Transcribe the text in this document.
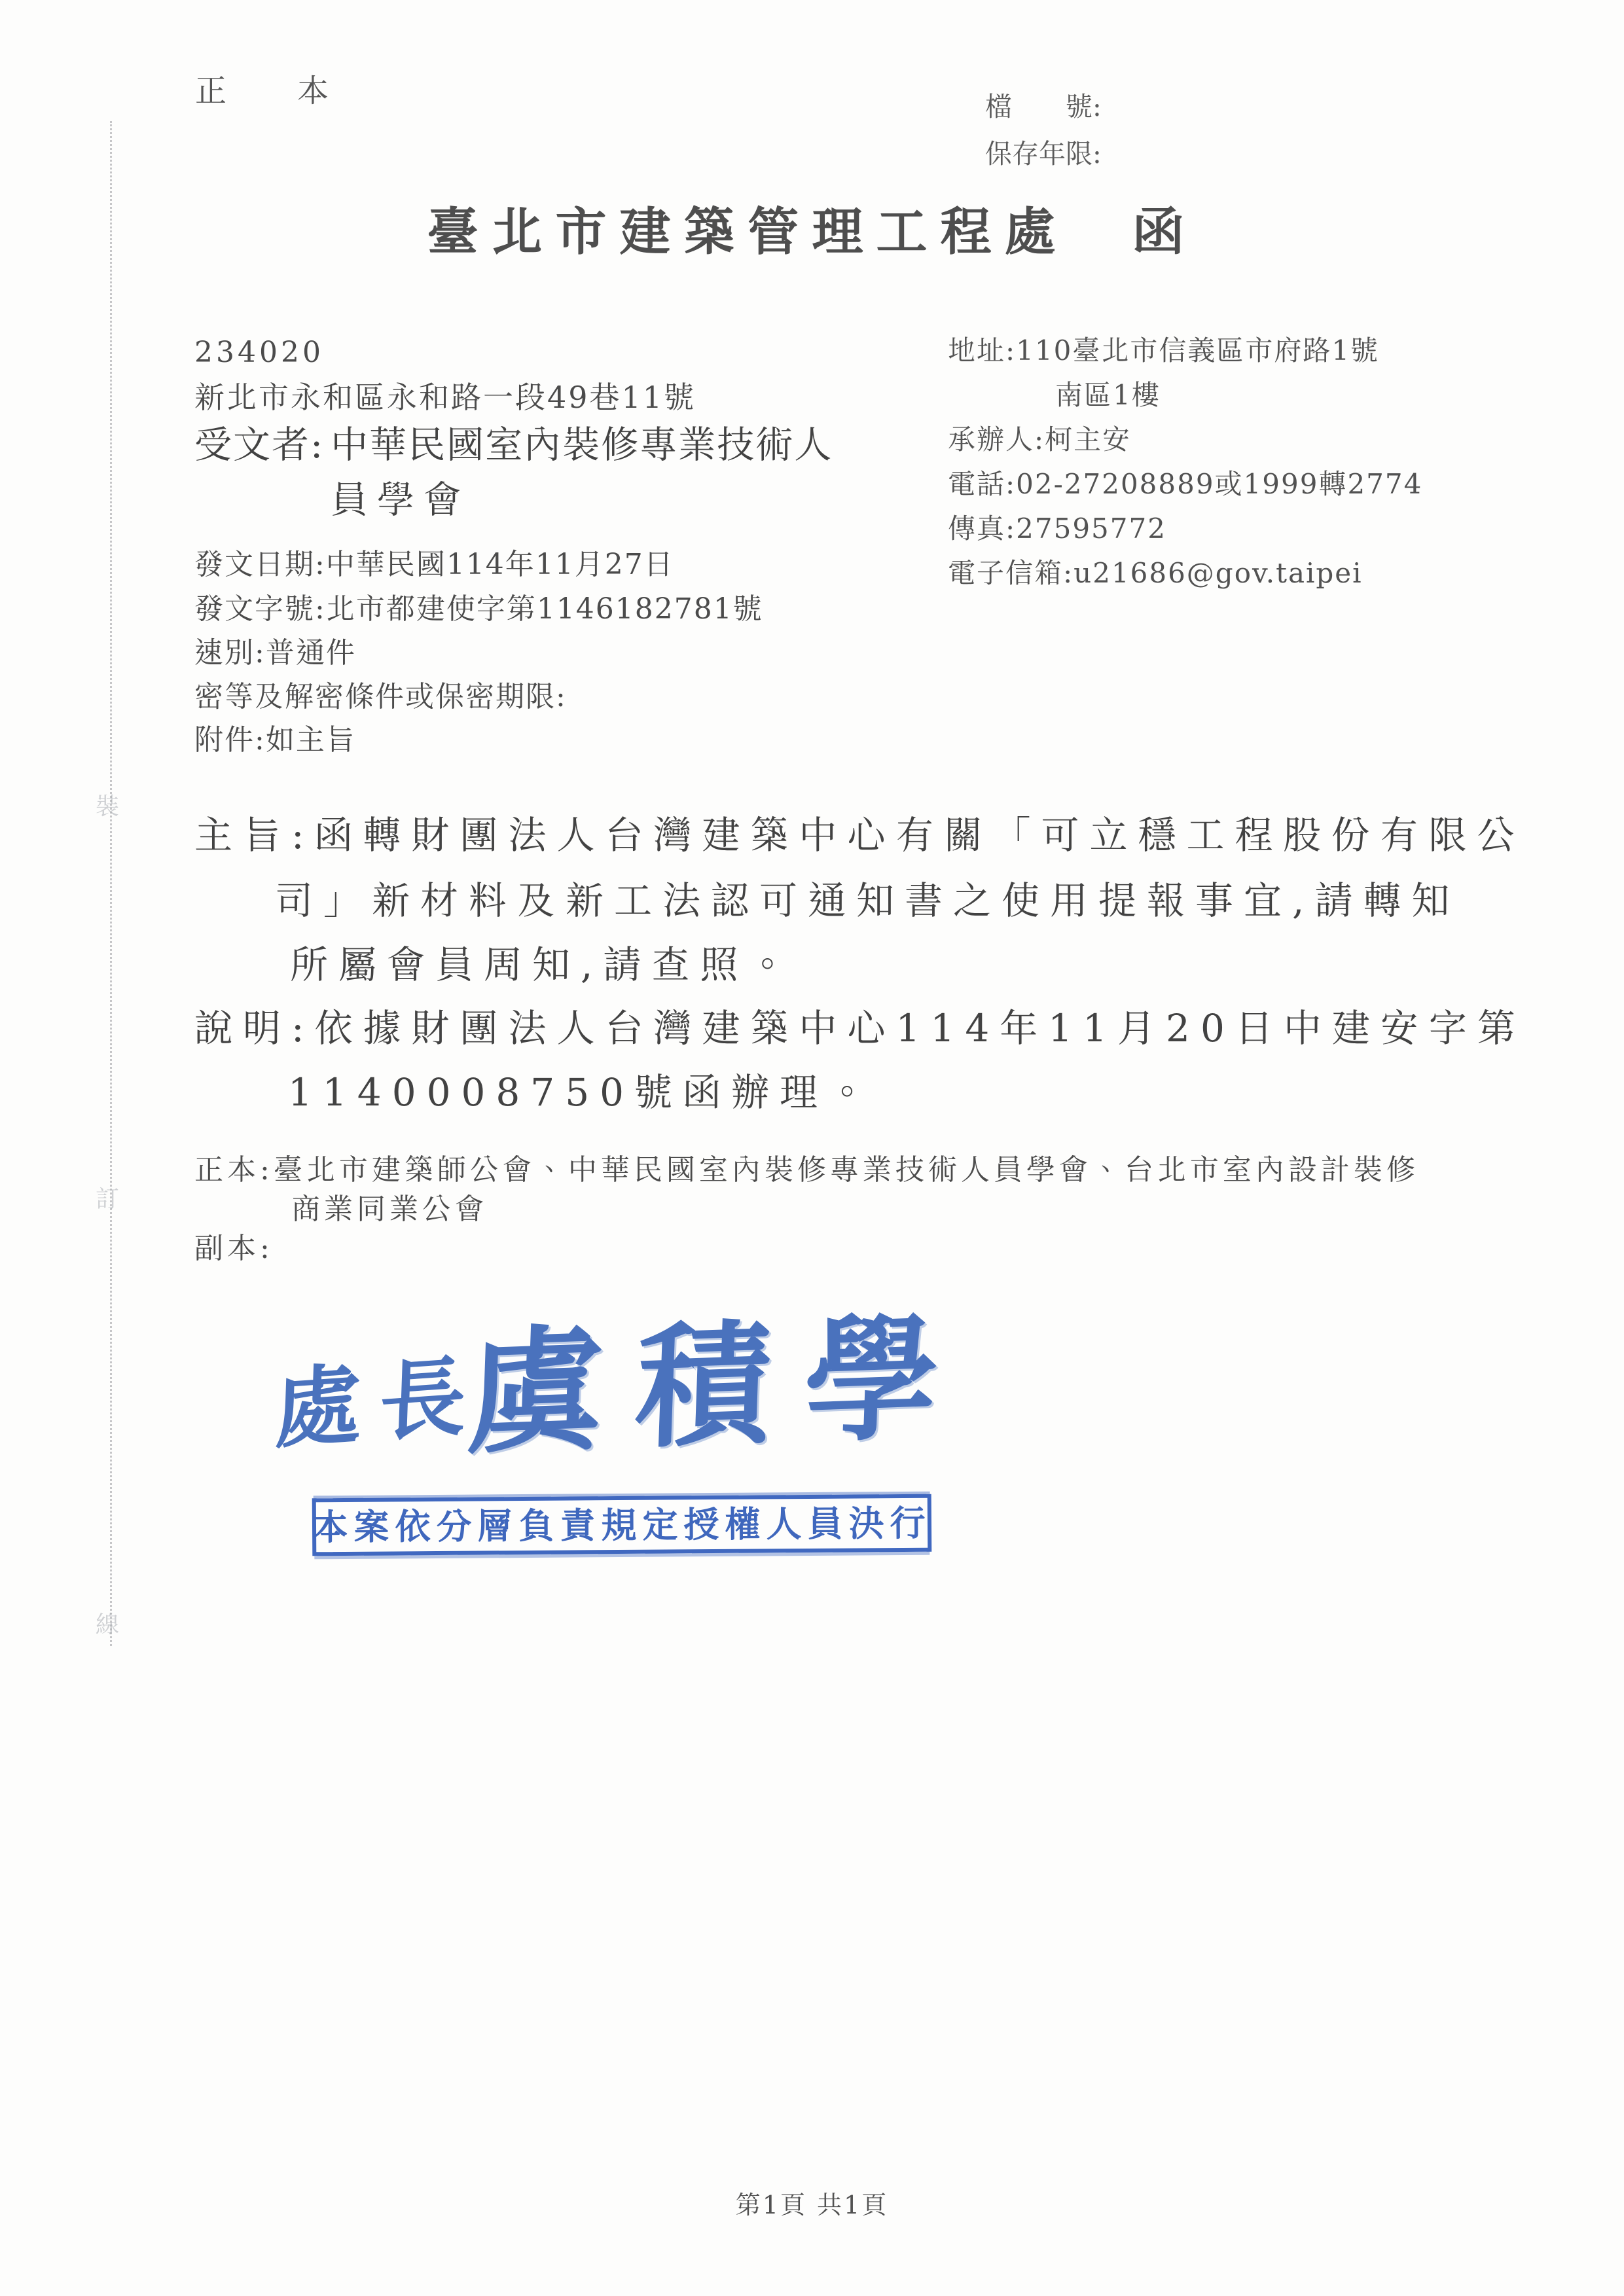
正　本	檔　　號:
保存年限:
臺北市建築管理工程處　函
234020
新北市永和區永和路一段49巷11號
受文者: 中華民國室內裝修專業技術人
員學會
地址:110臺北市信義區市府路1號
南區1樓
承辦人:柯主安
電話:02-27208889或1999轉2774
傳真:27595772
電子信箱:u21686@gov.taipei
發文日期:中華民國114年11月27日
發文字號:北市都建使字第1146182781號
速別:普通件
密等及解密條件或保密期限:
附件:如主旨
主旨:函轉財團法人台灣建築中心有關「可立穩工程股份有限公
司」新材料及新工法認可通知書之使用提報事宜,請轉知
所屬會員周知,請查照。
說明:依據財團法人台灣建築中心114年11月20日中建安字第
1140008750號函辦理。
正本:臺北市建築師公會、中華民國室內裝修專業技術人員學會、台北市室內設計裝修
商業同業公會
副本:
處長
虞積學
本案依分層負責規定授權人員決行
裝
訂
線
第1頁 共1頁
